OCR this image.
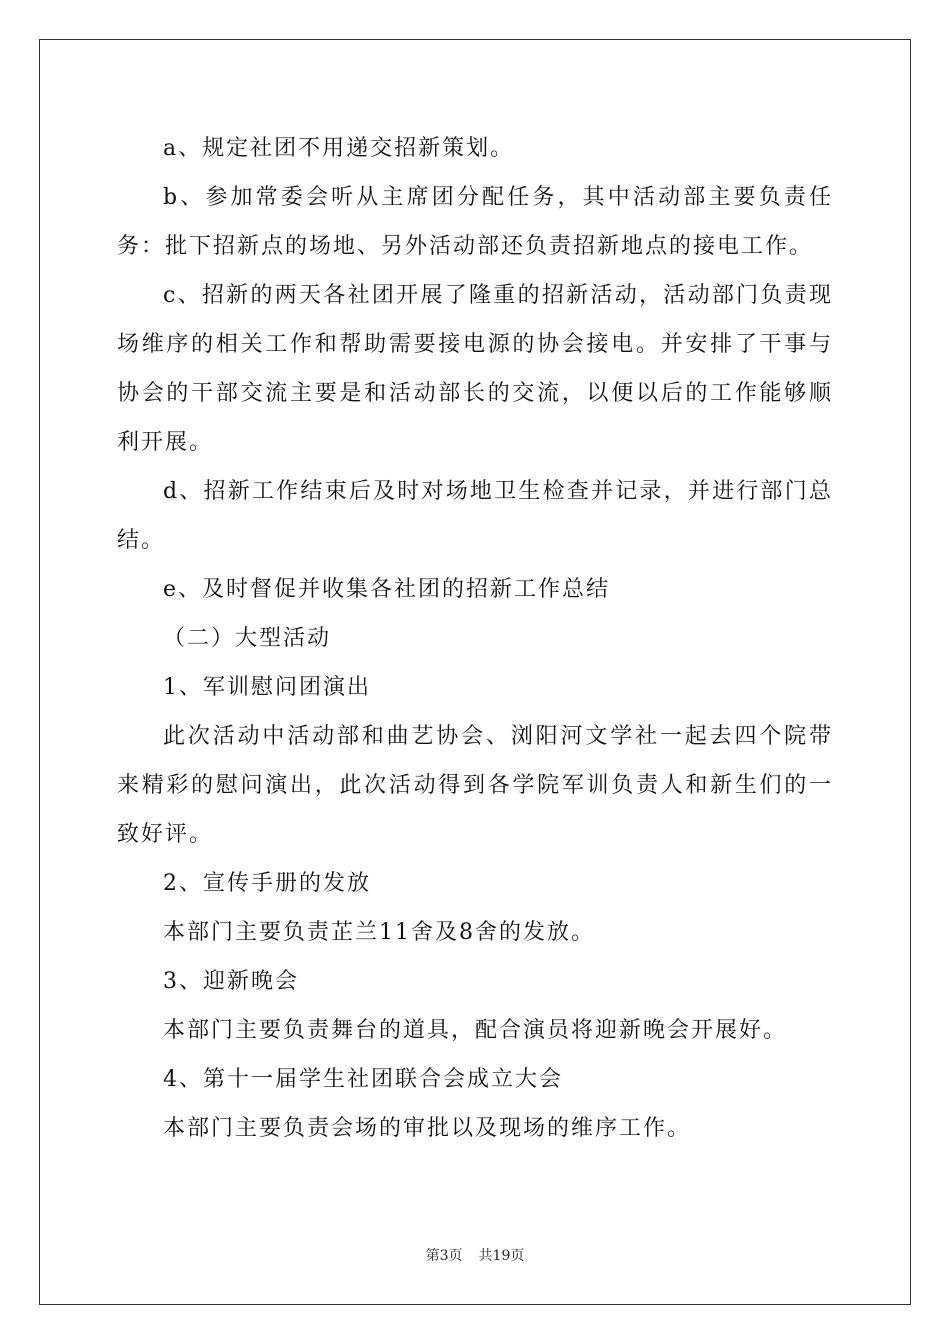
a、规定社团不用递交招新策划。

b、参加常委会听从主席团分配任务，其中活动部主要负责任务：批下招新点的场地、另外活动部还负责招新地点的接电工作。

c、招新的两天各社团开展了隆重的招新活动，活动部门负责现场维序的相关工作和帮助需要接电源的协会接电。并安排了干事与协会的干部交流主要是和活动部长的交流，以便以后的工作能够顺利开展。

d、招新工作结束后及时对场地卫生检查并记录，并进行部门总结。

e、及时督促并收集各社团的招新工作总结

（二）大型活动

1、军训慰问团演出

此次活动中活动部和曲艺协会、浏阳河文学社一起去四个院带来精彩的慰问演出，此次活动得到各学院军训负责人和新生们的一致好评。

2、宣传手册的发放

本部门主要负责芷兰11舍及8舍的发放。

3、迎新晚会

本部门主要负责舞台的道具，配合演员将迎新晚会开展好。

4、第十一届学生社团联合会成立大会

本部门主要负责会场的审批以及现场的维序工作。

第3页 共19页
